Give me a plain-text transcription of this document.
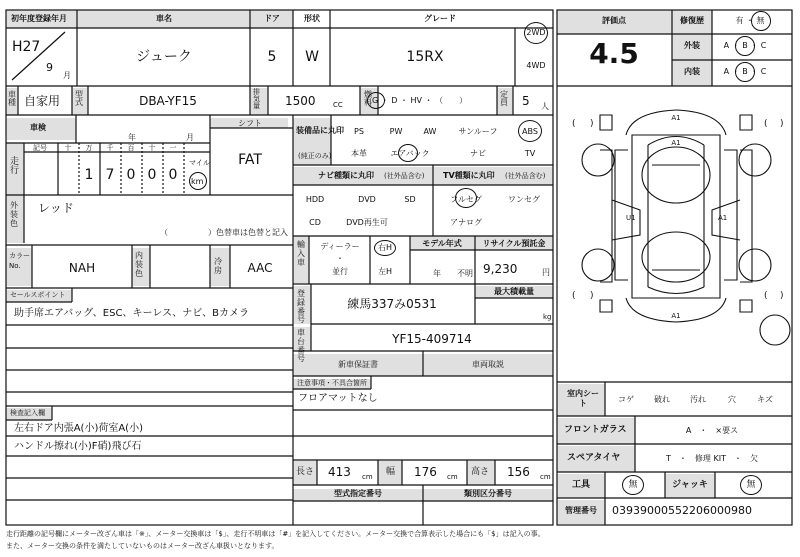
初年度登録年月	車名	ドア	形状	グレード
H27
9
月
ジューク	5 W	15RX
2WD
4WD
車種 自家用 型式	DBA-YF15
排気量	1500 CC
燃料 G ・ D ・ HV ・ （　　）
定員 5 人
車検
年	月
シフト
FAT
走行
記号	十 万 千 百 十 一
1 7 0 0 0
マイル
km
外装色
レッド
（　　　　　）色替車は色替と記入
カラーNo.	NAH
内装色
冷房	AAC
セールスポイント
助手席エアバッグ、ESC、キーレス、ナビ、Bカメラ
検査記入欄
左右ドア内張A(小)荷室A(小)
ハンドル擦れ(小)F硝)飛び石
装備品に丸印
(純正のみ)
PS	PW	AW	サンルーフ	ABS
本革	エアバック	ナビ	TV
ナビ種類に丸印 (社外品含む)
HDD	DVD	SD
CD	DVD再生可
TV種類に丸印 (社外品含む)
フルセグ	ワンセグ
アナログ
輸入車
ディーラー
・
並行
右H
左H
モデル年式
年 不明
リサイクル預託金
9,230	円
登録番号
練馬337み0531
最大積載量
kg
車台番号
YF15-409714
新車保証書	車両取説
注意事項・不具合箇所
フロアマットなし
長さ 413 cm 幅 176 cm 高さ 156 cm
型式指定番号	類別区分番号
評価点
4.5
修復歴	有 ・ 無
外装	A ・ B ・ C
内装	A ・ B ・ C
A1
A1
U1	A1
A1
( )	( )
( )	( )
室内シート	コゲ	破れ	汚れ	穴	キズ
フロントガラス	A　・　×要ス
スペアタイヤ	T　・　修理 KIT　・　欠
工具	無	ジャッキ	無
管理番号 03939000552206000980
走行距離の記号欄にメーター改ざん車は「※」、メーター交換車は「$」、走行不明車は「#」を記入してください。メーター交換で合算表示した場合にも「$」は記入の事。
また、メーター交換の条件を満たしていないものはメーター改ざん車扱いとなります。
